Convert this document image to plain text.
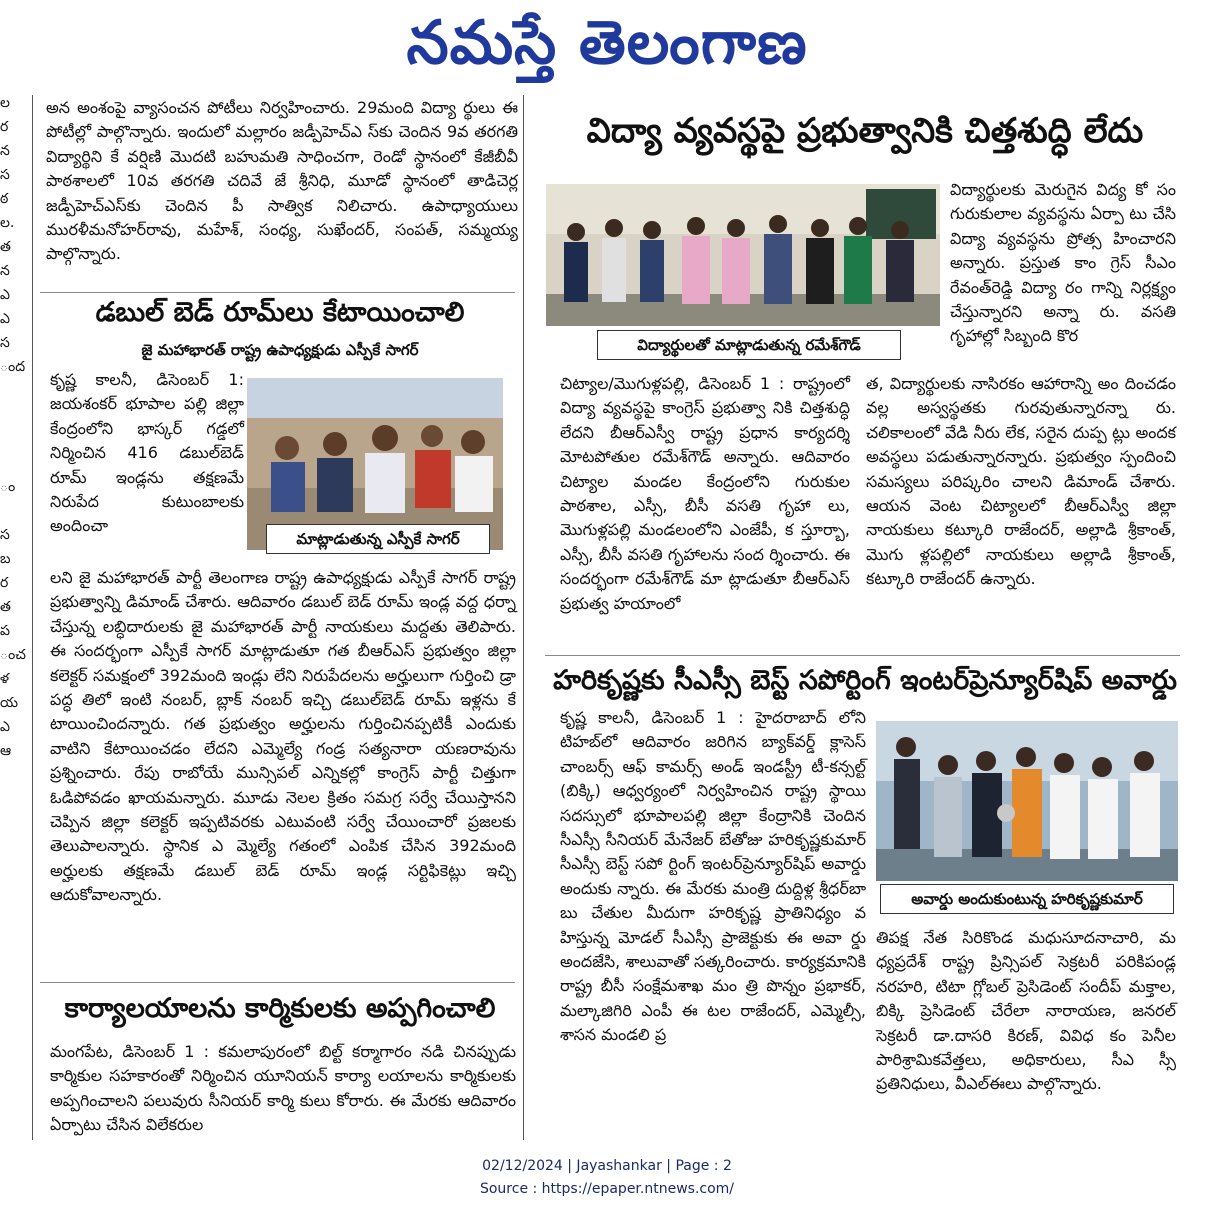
నమస్తే తెలంగాణ
ల
ర
న
స
ఠ
ల.
త
న
ఎ
ఎ
స
ంద
ం
స
బ
ర
త
ప
ంచ
ళ
య
ఎ
ఆ
అన అంశంపై వ్యాసంచన పోటీలు నిర్వహించారు. 29మంది విద్యా ర్థులు ఈ పోటీల్లో పాల్గొన్నారు. ఇందులో మల్లారం జడ్పీహెచ్ఎ స్‌కు చెందిన 9వ తరగతి విద్యార్థిని కే వర్షిణి మొదటి బహుమతి సాధించగా, రెండో స్థానంలో కేజీబీవీ పాఠశాలలో 10వ తరగతి చదివే జే శ్రీనిధి, మూడో స్థానంలో తాడిచెర్ల జడ్పీహెచ్ఎస్‌కు చెందిన పీ సాత్విక నిలిచారు. ఉపాధ్యాయులు మురళీమనోహర్‌రావు, మహేశ్, సంధ్య, సుఖేందర్, సంపత్, సమ్మయ్య పాల్గొన్నారు.
డబుల్ బెడ్ రూమ్‌లు కేటాయించాలి
జై మహాభారత్ రాష్ట్ర ఉపాధ్యక్షుడు ఎస్పీకే సాగర్
కృష్ణ కాలనీ, డిసెంబర్ 1: జయశంకర్ భూపాల పల్లి జిల్లా కేంద్రంలోని భాస్కర్ గడ్డలో నిర్మించిన 416 డబుల్‌బెడ్ రూమ్ ఇండ్లను తక్షణమే నిరుపేద కుటుంబాలకు అందించా
మాట్లాడుతున్న ఎస్పీకే సాగర్
లని జై మహాభారత్ పార్టీ తెలంగాణ రాష్ట్ర ఉపాధ్యక్షుడు ఎస్పీకే సాగర్ రాష్ట్ర ప్రభుత్వాన్ని డిమాండ్ చేశారు. ఆదివారం డబుల్ బెడ్ రూమ్ ఇండ్ల వద్ద ధర్నా చేస్తున్న లబ్ధిదారులకు జై మహాభారత్ పార్టీ నాయకులు మద్దతు తెలిపారు. ఈ సందర్భంగా ఎస్పీకే సాగర్ మాట్లాడుతూ గత బీఆర్ఎస్ ప్రభుత్వం జిల్లా కలెక్టర్ సమక్షంలో 392మంది ఇండ్లు లేని నిరుపేదలను అర్హులుగా గుర్తించి డ్రా పద్ధ తిలో ఇంటి నంబర్, బ్లాక్ నంబర్ ఇచ్చి డబుల్‌బెడ్ రూమ్ ఇళ్లను కే టాయించిందన్నారు. గత ప్రభుత్వం అర్హులను గుర్తించినప్పటికీ ఎందుకు వాటిని కేటాయించడం లేదని ఎమ్మెల్యే గండ్ర సత్యనారా యణరావును ప్రశ్నించారు. రేపు రాబోయే మున్సిపల్ ఎన్నికల్లో కాంగ్రెస్ పార్టీ చిత్తుగా ఓడిపోవడం ఖాయమన్నారు. మూడు నెలల క్రితం సమగ్ర సర్వే చేయిస్తానని చెప్పిన జిల్లా కలెక్టర్ ఇప్పటివరకు ఎటువంటి సర్వే చేయించారో ప్రజలకు తెలుపాలన్నారు. స్థానిక ఎ మ్మెల్యే గతంలో ఎంపిక చేసిన 392మంది అర్హులకు తక్షణమే డబుల్ బెడ్ రూమ్ ఇండ్ల సర్టిఫికెట్లు ఇచ్చి ఆదుకోవాలన్నారు.
కార్యాలయాలను కార్మికులకు అప్పగించాలి
మంగపేట, డిసెంబర్ 1 : కమలాపురంలో బిల్ట్ కర్మాగారం నడి చినప్పుడు కార్మికుల సహకారంతో నిర్మించిన యూనియన్ కార్యా లయాలను కార్మికులకు అప్పగించాలని పలువురు సీనియర్ కార్మి కులు కోరారు. ఈ మేరకు ఆదివారం ఏర్పాటు చేసిన విలేకరుల
విద్యా వ్యవస్థపై ప్రభుత్వానికి చిత్తశుద్ధి లేదు
విద్యార్థులతో మాట్లాడుతున్న రమేశ్‌గౌడ్
విద్యార్థులకు మెరుగైన విద్య కో సం గురుకులాల వ్యవస్థను ఏర్పా టు చేసి విద్యా వ్యవస్థను ప్రోత్స హించారని అన్నారు. ప్రస్తుత కాం గ్రెస్ సీఎం రేవంత్‌రెడ్డి విద్యా రం గాన్ని నిర్లక్ష్యం చేస్తున్నారని అన్నా రు. వసతి గృహాల్లో సిబ్బంది కొర
చిట్యాల/మొగుళ్లపల్లి, డిసెంబర్ 1 : రాష్ట్రంలో విద్యా వ్యవస్థపై కాంగ్రెస్ ప్రభుత్వా నికి చిత్తశుద్ధి లేదని బీఆర్ఎస్వీ రాష్ట్ర ప్రధాన కార్యదర్శి మోటపోతుల రమేశ్‌గౌడ్ అన్నారు. ఆదివారం చిట్యాల మండల కేంద్రంలోని గురుకుల పాఠశాల, ఎస్సీ, బీసీ వసతి గృహా లు, మొగుళ్లపల్లి మండలంలోని ఎంజేపీ, క స్తూర్బా, ఎస్సీ, బీసీ వసతి గృహాలను సంద ర్శించారు. ఈ సందర్భంగా రమేశ్‌గౌడ్ మా ట్లాడుతూ బీఆర్ఎస్ ప్రభుత్వ హయాంలో
త, విద్యార్థులకు నాసిరకం ఆహారాన్ని అం దించడం వల్ల అస్వస్థతకు గురవుతున్నారన్నా రు. చలికాలంలో వేడి నీరు లేక, సరైన దుప్ప ట్లు అందక అవస్థలు పడుతున్నారన్నారు. ప్రభుత్వం స్పందించి సమస్యలు పరిష్కరిం చాలని డిమాండ్ చేశారు. ఆయన వెంట చిట్యాలలో బీఆర్ఎస్వీ జిల్లా నాయకులు కట్కూరి రాజేందర్, అల్లాడి శ్రీకాంత్, మొగు ళ్లపల్లిలో నాయకులు అల్లాడి శ్రీకాంత్, కట్కూరి రాజేందర్ ఉన్నారు.
హరికృష్ణకు సీఎస్సీ బెస్ట్ సపోర్టింగ్ ఇంటర్‌ప్రెన్యూర్‌షిప్ అవార్డు
కృష్ణ కాలనీ, డిసెంబర్ 1 : హైదరాబాద్ లోని టిహబ్‌లో ఆదివారం జరిగిన బ్యాక్‌వర్డ్ క్లాసెస్ చాంబర్స్ ఆఫ్ కామర్స్ అండ్ ఇండస్ట్రీ టీ-కన్సల్ట్ (బిక్కి) ఆధ్వర్యంలో నిర్వహించిన రాష్ట్ర స్థాయి సదస్సులో భూపాలపల్లి జిల్లా కేంద్రానికి చెందిన సీఎస్సీ సీనియర్ మేనేజర్ బేతోజు హరికృష్ణకుమార్ సీఎస్సీ బెస్ట్ సపో ర్టింగ్ ఇంటర్‌ప్రెన్యూర్‌షిప్ అవార్డు అందుకు న్నారు. ఈ మేరకు మంత్రి దుద్దిళ్ల శ్రీధర్‌బా బు చేతుల మీదుగా హరికృష్ణ ప్రాతినిధ్యం వ హిస్తున్న మోడల్ సీఎస్సీ ప్రాజెక్టుకు ఈ అవా ర్డు అందజేసి, శాలువాతో సత్కరించారు. కార్యక్రమానికి రాష్ట్ర బీసీ సంక్షేమశాఖ మం త్రి పొన్నం ప్రభాకర్, మల్కాజిగిరి ఎంపీ ఈ టల రాజేందర్, ఎమ్మెల్సీ, శాసన మండలి ప్ర
అవార్డు అందుకుంటున్న హరికృష్ణకుమార్
తిపక్ష నేత సిరికొండ మధుసూదనాచారి, మ ధ్యప్రదేశ్ రాష్ట్ర ప్రిన్సిపల్ సెక్రటరీ పరికిపండ్ల నరహరి, టిటా గ్లోబల్ ప్రెసిడెంట్ సందీప్ మక్తాల, బిక్కి ప్రెసిడెంట్ చేరేలా నారాయణ, జనరల్ సెక్రటరీ డా.దాసరి కిరణ్, వివిధ కం పెనీల పారిశ్రామికవేత్తలు, అధికారులు, సీఎ స్సీ ప్రతినిధులు, వీఎల్‌ఈలు పాల్గొన్నారు.
02/12/2024 | Jayashankar | Page : 2
Source : https://epaper.ntnews.com/
